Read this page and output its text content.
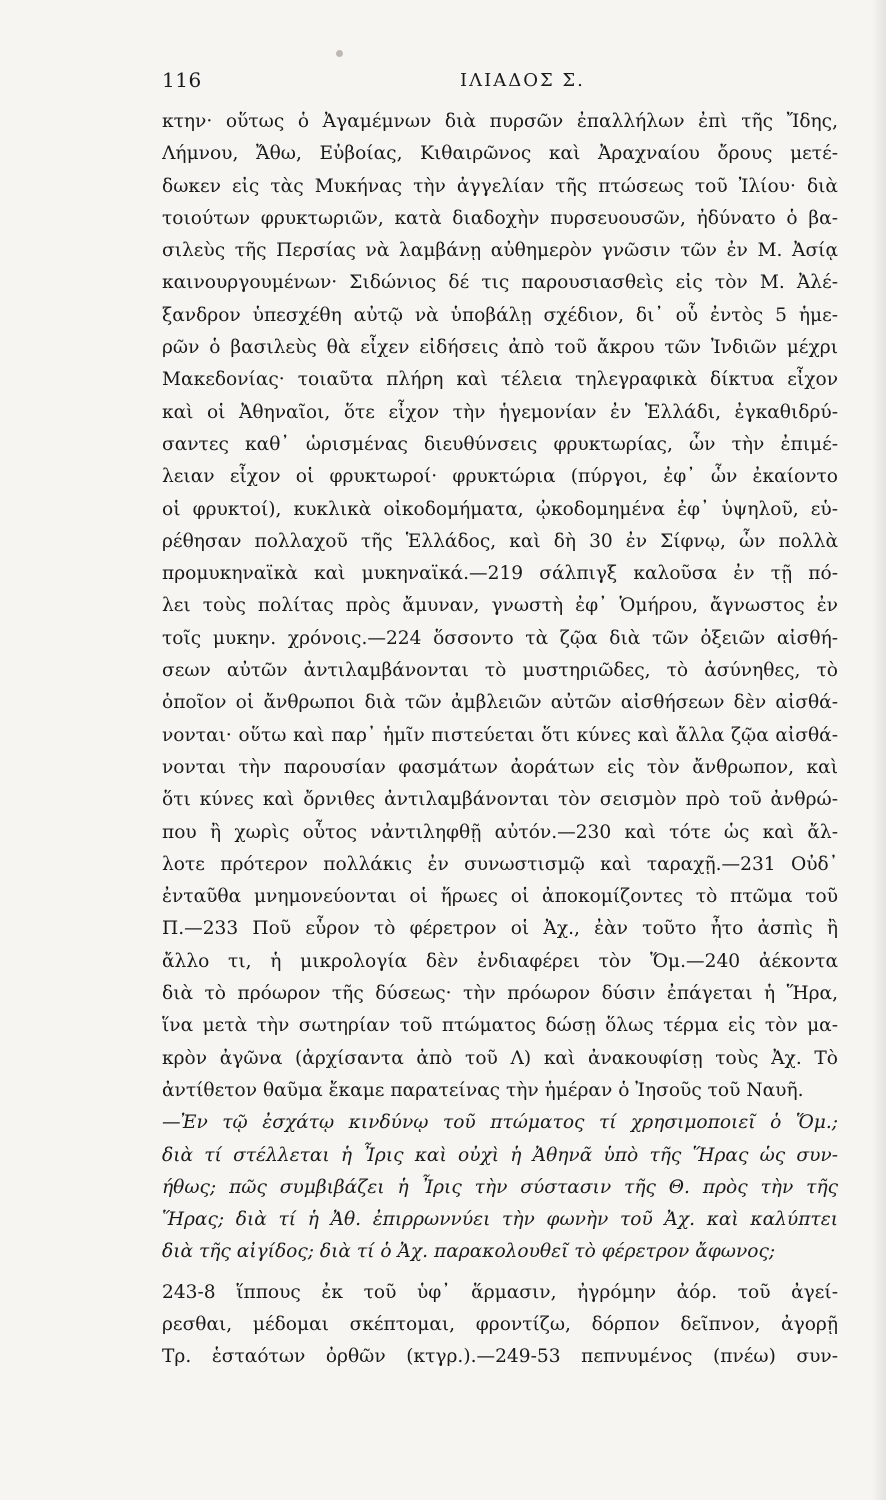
116	ΙΛΙΑΔΟΣ Σ.
κτην· οὕτως ὁ Ἀγαμέμνων διὰ πυρσῶν ἐπαλλήλων ἐπὶ τῆς Ἴδης,
Λήμνου, Ἄθω, Εὐβοίας, Κιθαιρῶνος καὶ Ἀραχναίου ὄρους μετέ-
δωκεν εἰς τὰς Μυκήνας τὴν ἀγγελίαν τῆς πτώσεως τοῦ Ἰλίου· διὰ
τοιούτων φρυκτωριῶν, κατὰ διαδοχὴν πυρσευουσῶν, ἠδύνατο ὁ βα-
σιλεὺς τῆς Περσίας νὰ λαμβάνῃ αὐθημερὸν γνῶσιν τῶν ἐν Μ. Ἀσίᾳ
καινουργουμένων· Σιδώνιος δέ τις παρουσιασθεὶς εἰς τὸν Μ. Ἀλέ-
ξανδρον ὑπεσχέθη αὐτῷ νὰ ὑποβάλῃ σχέδιον, δι᾽ οὗ ἐντὸς 5 ἡμε-
ρῶν ὁ βασιλεὺς θὰ εἶχεν εἰδήσεις ἀπὸ τοῦ ἄκρου τῶν Ἰνδιῶν μέχρι
Μακεδονίας· τοιαῦτα πλήρη καὶ τέλεια τηλεγραφικὰ δίκτυα εἶχον
καὶ οἱ Ἀθηναῖοι, ὅτε εἶχον τὴν ἡγεμονίαν ἐν Ἑλλάδι, ἐγκαθιδρύ-
σαντες καθ᾽ ὡρισμένας διευθύνσεις φρυκτωρίας, ὧν τὴν ἐπιμέ-
λειαν εἶχον οἱ φρυκτωροί· φρυκτώρια (πύργοι, ἐφ᾽ ὧν ἐκαίοντο
οἱ φρυκτοί), κυκλικὰ οἰκοδομήματα, ᾠκοδομημένα ἐφ᾽ ὑψηλοῦ, εὑ-
ρέθησαν πολλαχοῦ τῆς Ἑλλάδος, καὶ δὴ 30 ἐν Σίφνῳ, ὧν πολλὰ
προμυκηναϊκὰ καὶ μυκηναϊκά.—219 σάλπιγξ καλοῦσα ἐν τῇ πό-
λει τοὺς πολίτας πρὸς ἄμυναν, γνωστὴ ἐφ᾽ Ὁμήρου, ἄγνωστος ἐν
τοῖς μυκην. χρόνοις.—224 ὅσσοντο τὰ ζῷα διὰ τῶν ὀξειῶν αἰσθή-
σεων αὐτῶν ἀντιλαμβάνονται τὸ μυστηριῶδες, τὸ ἀσύνηθες, τὸ
ὁποῖον οἱ ἄνθρωποι διὰ τῶν ἀμβλειῶν αὐτῶν αἰσθήσεων δὲν αἰσθά-
νονται· οὕτω καὶ παρ᾽ ἡμῖν πιστεύεται ὅτι κύνες καὶ ἄλλα ζῷα αἰσθά-
νονται τὴν παρουσίαν φασμάτων ἀοράτων εἰς τὸν ἄνθρωπον, καὶ
ὅτι κύνες καὶ ὄρνιθες ἀντιλαμβάνονται τὸν σεισμὸν πρὸ τοῦ ἀνθρώ-
που ἢ χωρὶς οὗτος νἀντιληφθῇ αὐτόν.—230 καὶ τότε ὡς καὶ ἄλ-
λοτε πρότερον πολλάκις ἐν συνωστισμῷ καὶ ταραχῇ.—231 Οὐδ᾽
ἐνταῦθα μνημονεύονται οἱ ἥρωες οἱ ἀποκομίζοντες τὸ πτῶμα τοῦ
Π.—233 Ποῦ εὗρον τὸ φέρετρον οἱ Ἀχ., ἐὰν τοῦτο ἦτο ἀσπὶς ἢ
ἄλλο τι, ἡ μικρολογία δὲν ἐνδιαφέρει τὸν Ὅμ.—240 ἀέκοντα
διὰ τὸ πρόωρον τῆς δύσεως· τὴν πρόωρον δύσιν ἐπάγεται ἡ Ἥρα,
ἵνα μετὰ τὴν σωτηρίαν τοῦ πτώματος δώσῃ ὅλως τέρμα εἰς τὸν μα-
κρὸν ἀγῶνα (ἀρχίσαντα ἀπὸ τοῦ Λ) καὶ ἀνακουφίσῃ τοὺς Ἀχ. Τὸ
ἀντίθετον θαῦμα ἔκαμε παρατείνας τὴν ἡμέραν ὁ Ἰησοῦς τοῦ Ναυῆ.
—Ἐν τῷ ἐσχάτῳ κινδύνῳ τοῦ πτώματος τί χρησιμοποιεῖ ὁ Ὅμ.;
διὰ τί στέλλεται ἡ Ἶρις καὶ οὐχὶ ἡ Ἀθηνᾶ ὑπὸ τῆς Ἥρας ὡς συν-
ήθως; πῶς συμβιβάζει ἡ Ἶρις τὴν σύστασιν τῆς Θ. πρὸς τὴν τῆς
Ἥρας; διὰ τί ἡ Ἀθ. ἐπιρρωννύει τὴν φωνὴν τοῦ Ἀχ. καὶ καλύπτει
διὰ τῆς αἰγίδος; διὰ τί ὁ Ἀχ. παρακολουθεῖ τὸ φέρετρον ἄφωνος;
243-8 ἵππους ἐκ τοῦ ὑφ᾽ ἅρμασιν, ἠγρόμην ἀόρ. τοῦ ἀγεί-
ρεσθαι, μέδομαι σκέπτομαι, φροντίζω, δόρπον δεῖπνον, ἀγορῇ
Τρ. ἑσταότων ὀρθῶν (κτγρ.).—249-53 πεπνυμένος (πνέω) συν-
